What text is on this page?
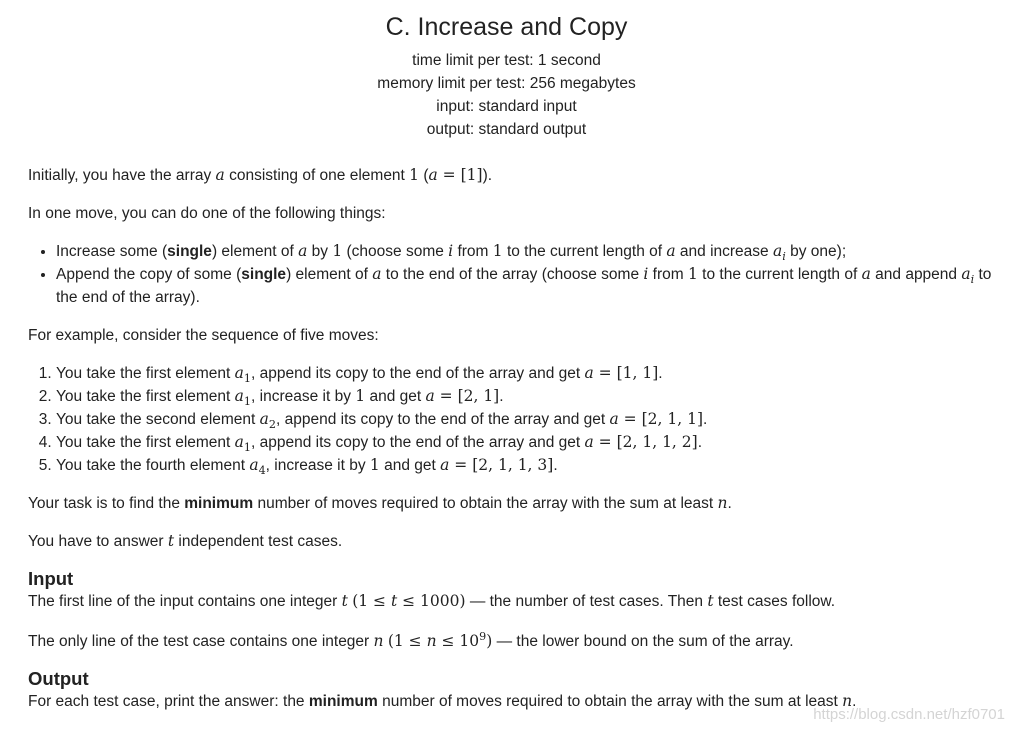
C. Increase and Copy
time limit per test: 1 second
memory limit per test: 256 megabytes
input: standard input
output: standard output

Initially, you have the array a consisting of one element 1 (a = [1]).

In one move, you can do one of the following things:

• Increase some (single) element of a by 1 (choose some i from 1 to the current length of a and increase $a_i$ by one);
• Append the copy of some (single) element of a to the end of the array (choose some i from 1 to the current length of a and append $a_i$ to the end of the array).

For example, consider the sequence of five moves:

1. You take the first element $a_1$, append its copy to the end of the array and get a = [1, 1].
2. You take the first element $a_1$, increase it by 1 and get a = [2, 1].
3. You take the second element $a_2$, append its copy to the end of the array and get a = [2, 1, 1].
4. You take the first element $a_1$, append its copy to the end of the array and get a = [2, 1, 1, 2].
5. You take the fourth element $a_4$, increase it by 1 and get a = [2, 1, 1, 3].

Your task is to find the minimum number of moves required to obtain the array with the sum at least n.

You have to answer t independent test cases.

Input

The first line of the input contains one integer t (1 ≤ t ≤ 1000) — the number of test cases. Then t test cases follow.

The only line of the test case contains one integer n $(1 \le n \le 10^9)$ — the lower bound on the sum of the array.

Output

For each test case, print the answer: the minimum number of moves required to obtain the array with the sum at least n.

https://blog.csdn.net/hzf0701
